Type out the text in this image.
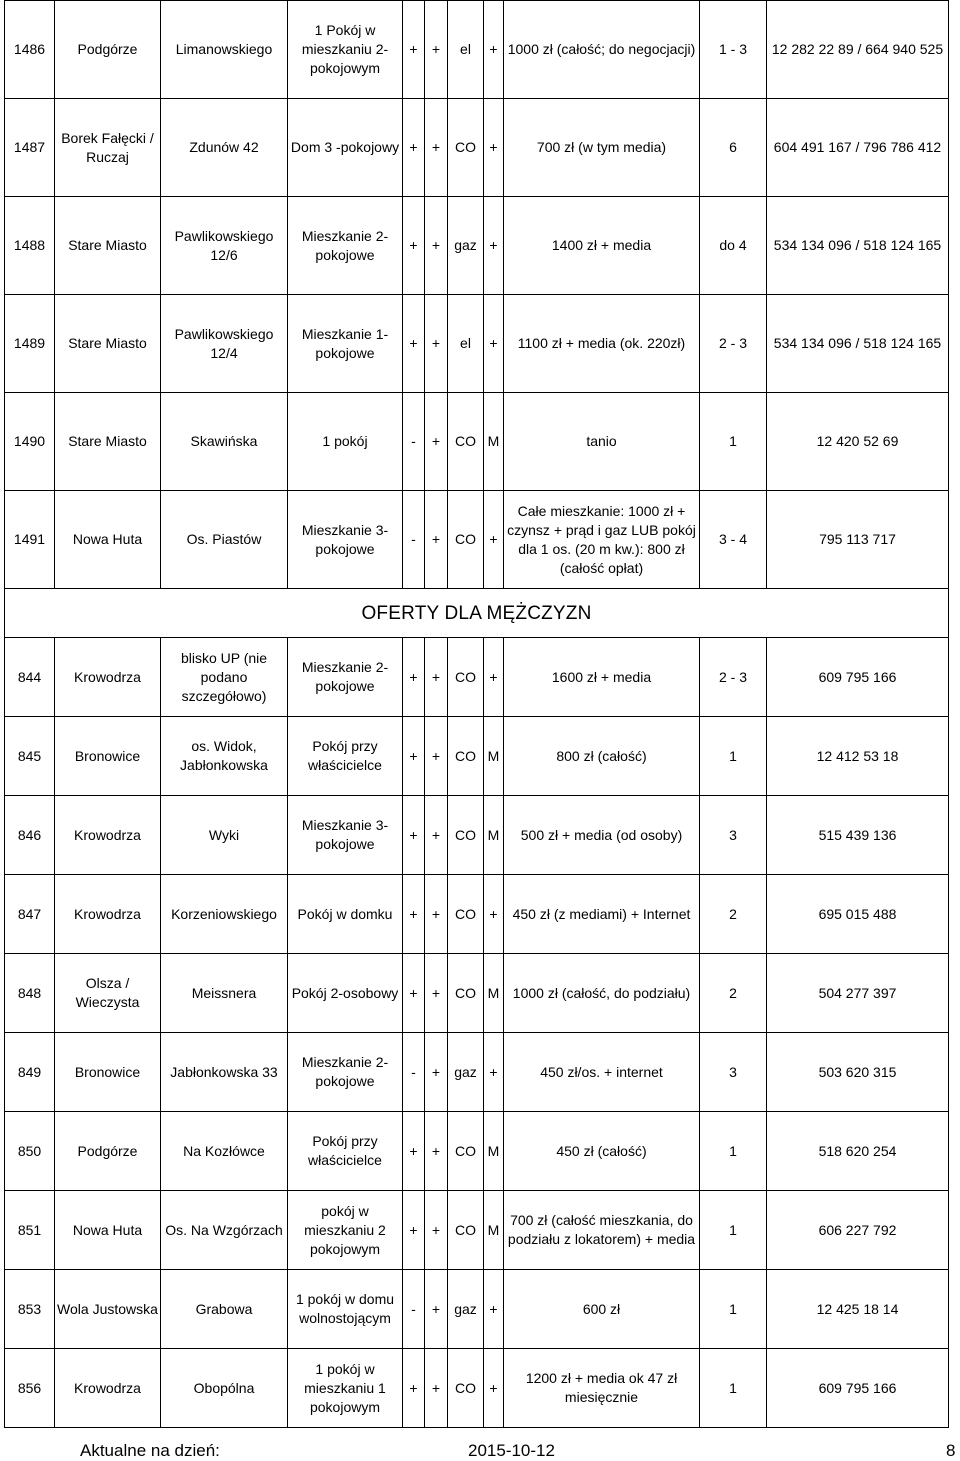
1486	Podgórze	Limanowskiego	1 Pokój w mieszkaniu 2-pokojowym	+	+	el	+	1000 zł (całość; do negocjacji)	1 - 3	12 282 22 89 / 664 940 525
1487	Borek Fałęcki / Ruczaj	Zdunów 42	Dom 3 -pokojowy	+	+	CO	+	700 zł (w tym media)	6	604 491 167 / 796 786 412
1488	Stare Miasto	Pawlikowskiego 12/6	Mieszkanie 2-pokojowe	+	+	gaz	+	1400 zł + media	do 4	534 134 096 / 518 124 165
1489	Stare Miasto	Pawlikowskiego 12/4	Mieszkanie 1-pokojowe	+	+	el	+	1100 zł + media (ok. 220zł)	2 - 3	534 134 096 / 518 124 165
1490	Stare Miasto	Skawińska	1 pokój	-	+	CO	M	tanio	1	12 420 52 69
1491	Nowa Huta	Os. Piastów	Mieszkanie 3-pokojowe	-	+	CO	+	Całe mieszkanie: 1000 zł + czynsz + prąd i gaz LUB pokój dla 1 os. (20 m kw.): 800 zł (całość opłat)	3 - 4	795 113 717
OFERTY DLA MĘŻCZYZN										
844	Krowodrza	blisko UP (nie podano szczegółowo)	Mieszkanie 2-pokojowe	+	+	CO	+	1600 zł + media	2 - 3	609 795 166
845	Bronowice	os. Widok, Jabłonkowska	Pokój przy właścicielce	+	+	CO	M	800 zł (całość)	1	12 412 53 18
846	Krowodrza	Wyki	Mieszkanie 3-pokojowe	+	+	CO	M	500 zł + media (od osoby)	3	515 439 136
847	Krowodrza	Korzeniowskiego	Pokój w domku	+	+	CO	+	450 zł (z mediami) + Internet	2	695 015 488
848	Olsza / Wieczysta	Meissnera	Pokój 2-osobowy	+	+	CO	M	1000 zł (całość, do podziału)	2	504 277 397
849	Bronowice	Jabłonkowska 33	Mieszkanie 2-pokojowe	-	+	gaz	+	450 zł/os. + internet	3	503 620 315
850	Podgórze	Na Kozłówce	Pokój przy właścicielce	+	+	CO	M	450 zł (całość)	1	518 620 254
851	Nowa Huta	Os. Na Wzgórzach	pokój w mieszkaniu 2 pokojowym	+	+	CO	M	700 zł (całość mieszkania, do podziału z lokatorem) + media	1	606 227 792
853	Wola Justowska	Grabowa	1 pokój w domu wolnostojącym	-	+	gaz	+	600 zł	1	12 425 18 14
856	Krowodrza	Obopólna	1 pokój w mieszkaniu 1 pokojowym	+	+	CO	+	1200 zł + media ok 47 zł miesięcznie	1	609 795 166
Aktualne na dzień:	2015-10-12	8
